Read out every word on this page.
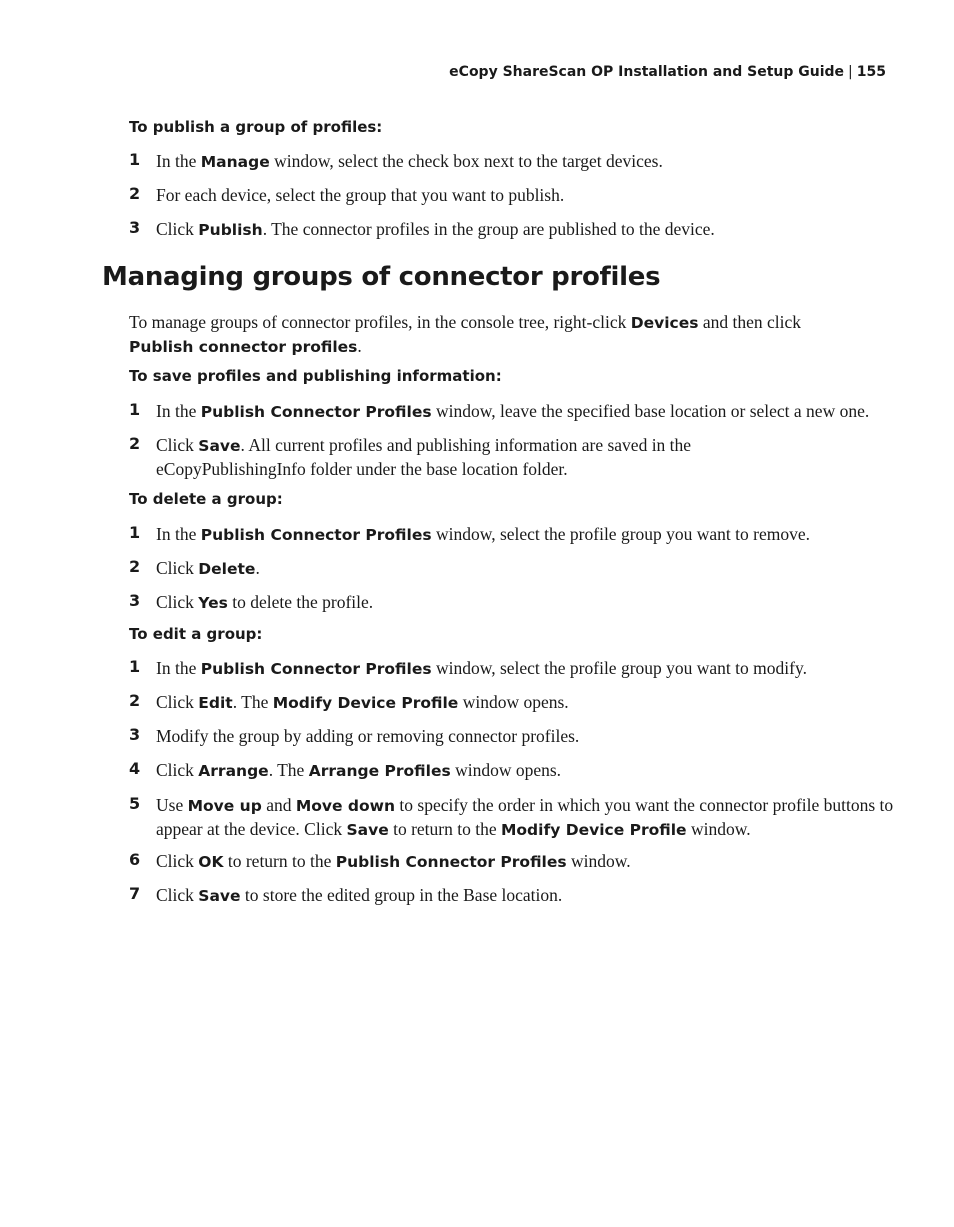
eCopy ShareScan OP Installation and Setup Guide | 155
To publish a group of profiles:
1 In the Manage window, select the check box next to the target devices.
2 For each device, select the group that you want to publish.
3 Click Publish. The connector profiles in the group are published to the device.
Managing groups of connector profiles
To manage groups of connector profiles, in the console tree, right-click Devices and then click
Publish connector profiles.
To save profiles and publishing information:
1 In the Publish Connector Profiles window, leave the specified base location or select a new one.
2 Click Save. All current profiles and publishing information are saved in the eCopyPublishingInfo folder under the base location folder.
To delete a group:
1 In the Publish Connector Profiles window, select the profile group you want to remove.
2 Click Delete.
3 Click Yes to delete the profile.
To edit a group:
1 In the Publish Connector Profiles window, select the profile group you want to modify.
2 Click Edit. The Modify Device Profile window opens.
3 Modify the group by adding or removing connector profiles.
4 Click Arrange. The Arrange Profiles window opens.
5 Use Move up and Move down to specify the order in which you want the connector profile buttons to appear at the device. Click Save to return to the Modify Device Profile window.
6 Click OK to return to the Publish Connector Profiles window.
7 Click Save to store the edited group in the Base location.
